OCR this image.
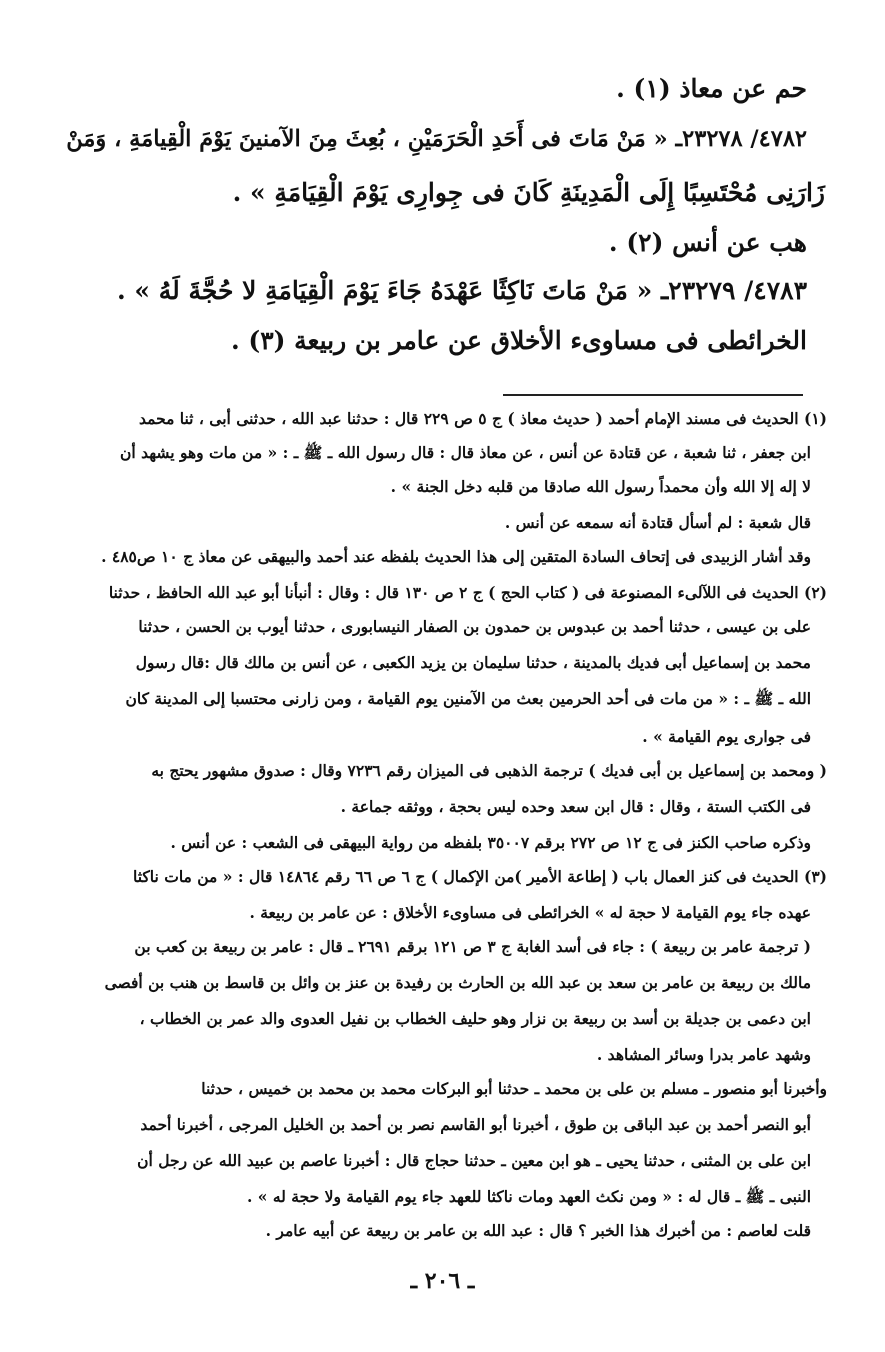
حم عن معاذ (١) .
٤٧٨٢/ ٢٣٢٧٨ـ « مَنْ مَاتَ فى أَحَدِ الْحَرَمَيْنِ ، بُعِثَ مِنَ الآمنينَ يَوْمَ الْقِيامَةِ ، وَمَنْ
زَارَنِى مُحْتَسِبًا إِلَى الْمَدِينَةِ كَانَ فى جِوارِى يَوْمَ الْقِيَامَةِ » .
هب عن أنس (٢) .
٤٧٨٣/ ٢٣٢٧٩ـ « مَنْ مَاتَ نَاكِثًا عَهْدَهُ جَاءَ يَوْمَ الْقِيَامَةِ لا حُجَّةَ لَهُ » .
الخرائطى فى مساوىء الأخلاق عن عامر بن ربيعة (٣) .
(١) الحديث فى مسند الإمام أحمد ( حديث معاذ ) ج ٥ ص ٢٢٩ قال : حدثنا عبد الله ، حدثنى أبى ، ثنا محمد
ابن جعفر ، ثنا شعبة ، عن قتادة عن أنس ، عن معاذ قال : قال رسول الله ـ ﷺ ـ : « من مات وهو يشهد أن
لا إله إلا الله وأن محمداً رسول الله صادقا من قلبه دخل الجنة » .
قال شعبة : لم أسأل قتادة أنه سمعه عن أنس .
وقد أشار الزبيدى فى إتحاف السادة المتقين إلى هذا الحديث بلفظه عند أحمد والبيهقى عن معاذ ج ١٠ ص٤٨٥ .
(٢) الحديث فى اللآلىء المصنوعة فى ( كتاب الحج ) ج ٢ ص ١٣٠ قال : وقال : أنبأنا أبو عبد الله الحافظ ، حدثنا
على بن عيسى ، حدثنا أحمد بن عبدوس بن حمدون بن الصفار النيسابورى ، حدثنا أيوب بن الحسن ، حدثنا
محمد بن إسماعيل أبى فديك بالمدينة ، حدثنا سليمان بن يزيد الكعبى ، عن أنس بن مالك قال :قال رسول
الله ـ ﷺ ـ : « من مات فى أحد الحرمين بعث من الآمنين يوم القيامة ، ومن زارنى محتسبا إلى المدينة كان
فى جوارى يوم القيامة » .
( ومحمد بن إسماعيل بن أبى فديك ) ترجمة الذهبى فى الميزان رقم ٧٢٣٦ وقال : صدوق مشهور يحتج به
فى الكتب الستة ، وقال : قال ابن سعد وحده ليس بحجة ، ووثقه جماعة .
وذكره صاحب الكنز فى ج ١٢ ص ٢٧٢ برقم ٣٥٠٠٧ بلفظه من رواية البيهقى فى الشعب : عن أنس .
(٣) الحديث فى كنز العمال باب ( إطاعة الأمير )من الإكمال ) ج ٦ ص ٦٦ رقم ١٤٨٦٤ قال : « من مات ناكثا
عهده جاء يوم القيامة لا حجة له » الخرائطى فى مساوىء الأخلاق : عن عامر بن ربيعة .
( ترجمة عامر بن ربيعة ) : جاء فى أسد الغابة ج ٣ ص ١٢١ برقم ٢٦٩١ ـ قال : عامر بن ربيعة بن كعب بن
مالك بن ربيعة بن عامر بن سعد بن عبد الله بن الحارث بن رفيدة بن عنز بن وائل بن قاسط بن هنب بن أفصى
ابن دعمى بن جديلة بن أسد بن ربيعة بن نزار وهو حليف الخطاب بن نفيل العدوى والد عمر بن الخطاب ،
وشهد عامر بدرا وسائر المشاهد .
وأخبرنا أبو منصور ـ مسلم بن على بن محمد ـ حدثنا أبو البركات محمد بن محمد بن خميس ، حدثنا
أبو النصر أحمد بن عبد الباقى بن طوق ، أخبرنا أبو القاسم نصر بن أحمد بن الخليل المرجى ، أخبرنا أحمد
ابن على بن المثنى ، حدثنا يحيى ـ هو ابن معين ـ حدثنا حجاج قال : أخبرنا عاصم بن عبيد الله عن رجل أن
النبى ـ ﷺ ـ قال له : « ومن نكث العهد ومات ناكثا للعهد جاء يوم القيامة ولا حجة له » .
قلت لعاصم : من أخبرك هذا الخبر ؟ قال : عبد الله بن عامر بن ربيعة عن أبيه عامر .
ـ ٢٠٦ ـ
